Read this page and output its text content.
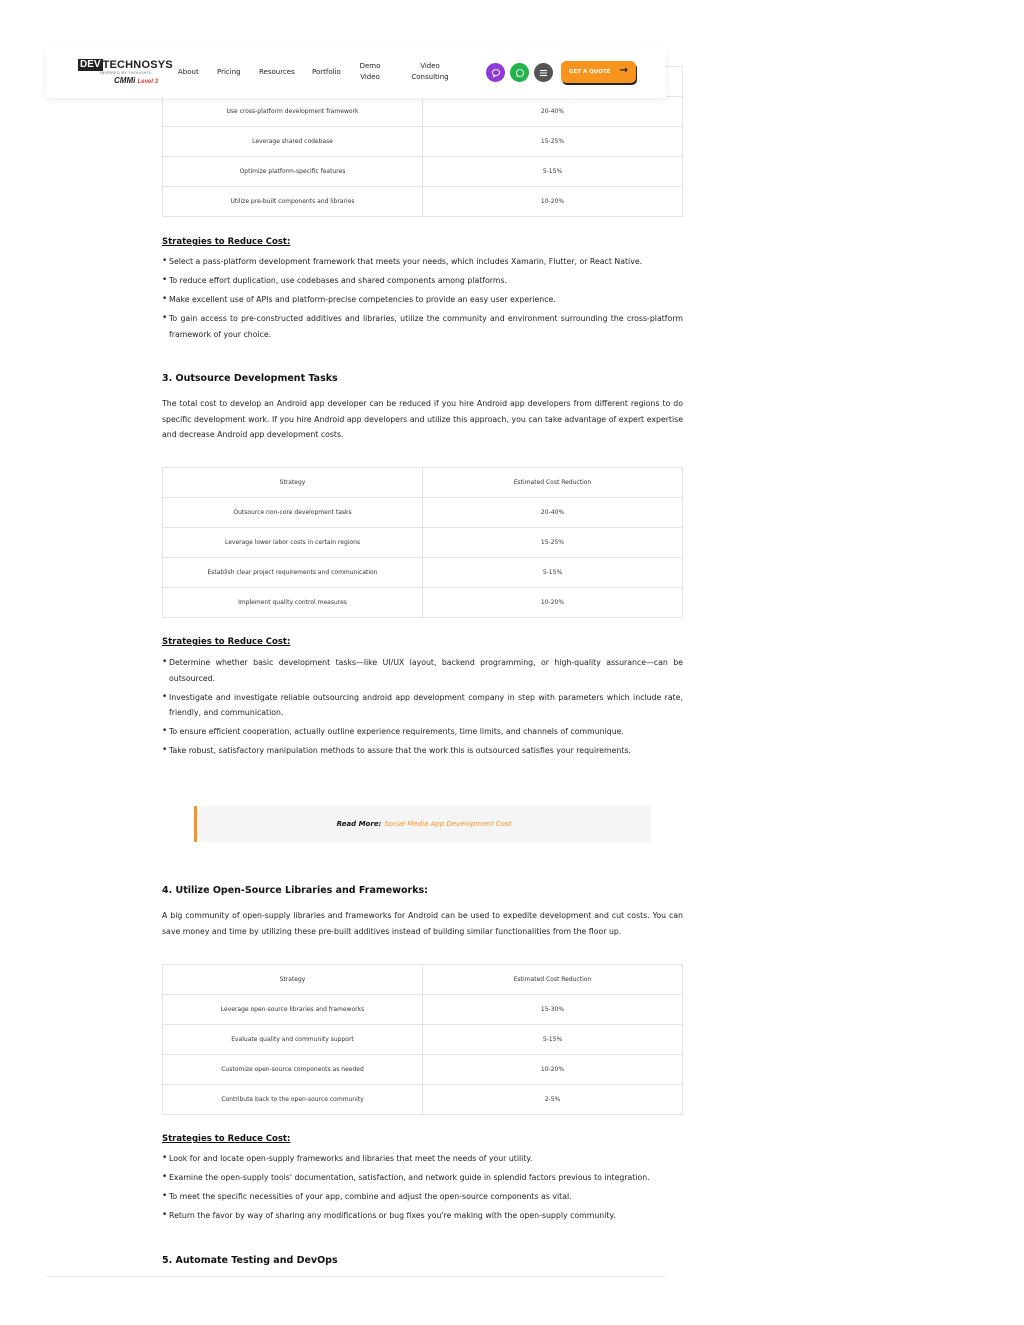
Use cross-platform development framework	20-40%
Leverage shared codebase	15-25%
Optimize platform-specific features	5-15%
Utilize pre-built components and libraries	10-20%
DEV TECHNOSYS
INSPIRED BY THOUGHTS
CMMi Level 3
About	Pricing	Resources Portfolio
Demo Video
Video Consulting
GET A QUOTE →
Strategies to Reduce Cost:
• Select a pass-platform development framework that meets your needs, which includes Xamarin, Flutter, or React Native.
• To reduce effort duplication, use codebases and shared components among platforms.
• Make excellent use of APIs and platform-precise competencies to provide an easy user experience.
• To gain access to pre-constructed additives and libraries, utilize the community and environment surrounding the cross-platform framework of your choice.
3. Outsource Development Tasks
The total cost to develop an Android app developer can be reduced if you hire Android app developers from different regions to do specific development work. If you hire Android app developers and utilize this approach, you can take advantage of expert expertise and decrease Android app development costs.
Strategy	Estimated Cost Reduction
Outsource non-core development tasks	20-40%
Leverage lower labor costs in certain regions	15-25%
Establish clear project requirements and communication	5-15%
Implement quality control measures	10-20%
Strategies to Reduce Cost:
• Determine whether basic development tasks—like UI/UX layout, backend programming, or high-quality assurance—can be outsourced.
• Investigate and investigate reliable outsourcing android app development company in step with parameters which include rate, friendly, and communication.
• To ensure efficient cooperation, actually outline experience requirements, time limits, and channels of communique.
• Take robust, satisfactory manipulation methods to assure that the work this is outsourced satisfies your requirements.
Read More: Social Media App Development Cost
4. Utilize Open-Source Libraries and Frameworks:
A big community of open-supply libraries and frameworks for Android can be used to expedite development and cut costs. You can save money and time by utilizing these pre-built additives instead of building similar functionalities from the floor up.
Strategy	Estimated Cost Reduction
Leverage open-source libraries and frameworks	15-30%
Evaluate quality and community support	5-15%
Customize open-source components as needed	10-20%
Contribute back to the open-source community	2-5%
Strategies to Reduce Cost:
• Look for and locate open-supply frameworks and libraries that meet the needs of your utility.
• Examine the open-supply tools' documentation, satisfaction, and network guide in splendid factors previous to integration.
• To meet the specific necessities of your app, combine and adjust the open-source components as vital.
• Return the favor by way of sharing any modifications or bug fixes you're making with the open-supply community.
5. Automate Testing and DevOps
